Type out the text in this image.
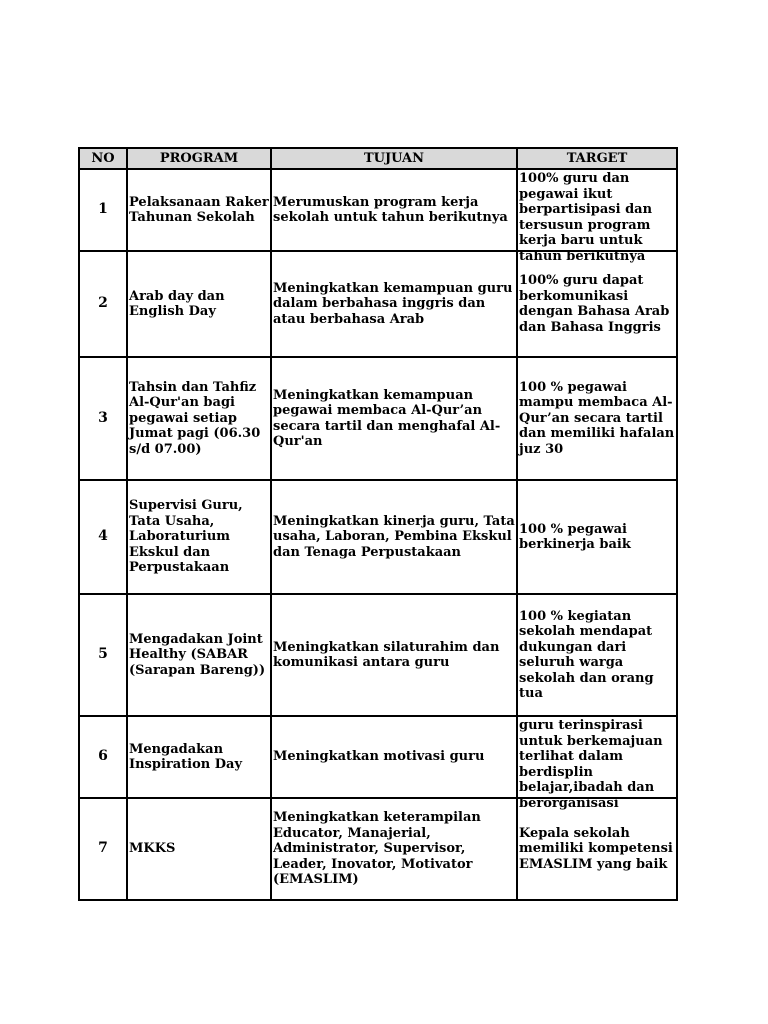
NO	PROGRAM	TUJUAN	TARGET
1	Pelaksanaan Raker Tahunan Sekolah	Merumuskan program kerja sekolah untuk tahun berikutnya	100% guru dan pegawai ikut berpartisipasi dan tersusun program kerja baru untuk tahun berikutnya

2	Arab day dan English Day	Meningkatkan kemampuan guru dalam berbahasa inggris dan atau berbahasa Arab	100% guru dapat berkomunikasi dengan Bahasa Arab dan Bahasa Inggris
3	Tahsin dan Tahfiz Al-Qur'an bagi pegawai setiap Jumat pagi (06.30 s/d 07.00)	Meningkatkan kemampuan pegawai membaca Al-Qur’an secara tartil dan menghafal Al-Qur'an	100 % pegawai mampu membaca Al-Qur’an secara tartil dan memiliki hafalan juz 30
4	Supervisi Guru, Tata Usaha, Laboraturium Ekskul dan Perpustakaan	Meningkatkan kinerja guru, Tata usaha, Laboran, Pembina Ekskul dan Tenaga Perpustakaan	100 % pegawai berkinerja baik
5	Mengadakan Joint Healthy (SABAR (Sarapan Bareng))	Meningkatkan silaturahim dan komunikasi antara guru	100 % kegiatan sekolah mendapat dukungan dari seluruh warga sekolah dan orang tua
6	Mengadakan Inspiration Day	Meningkatkan motivasi guru	guru terinspirasi untuk berkemajuan terlihat dalam berdisplin belajar,ibadah dan berorganisasi

7	MKKS	Meningkatkan keterampilan Educator, Manajerial, Administrator, Supervisor, Leader, Inovator, Motivator (EMASLIM)	Kepala sekolah memiliki kompetensi EMASLIM yang baik
